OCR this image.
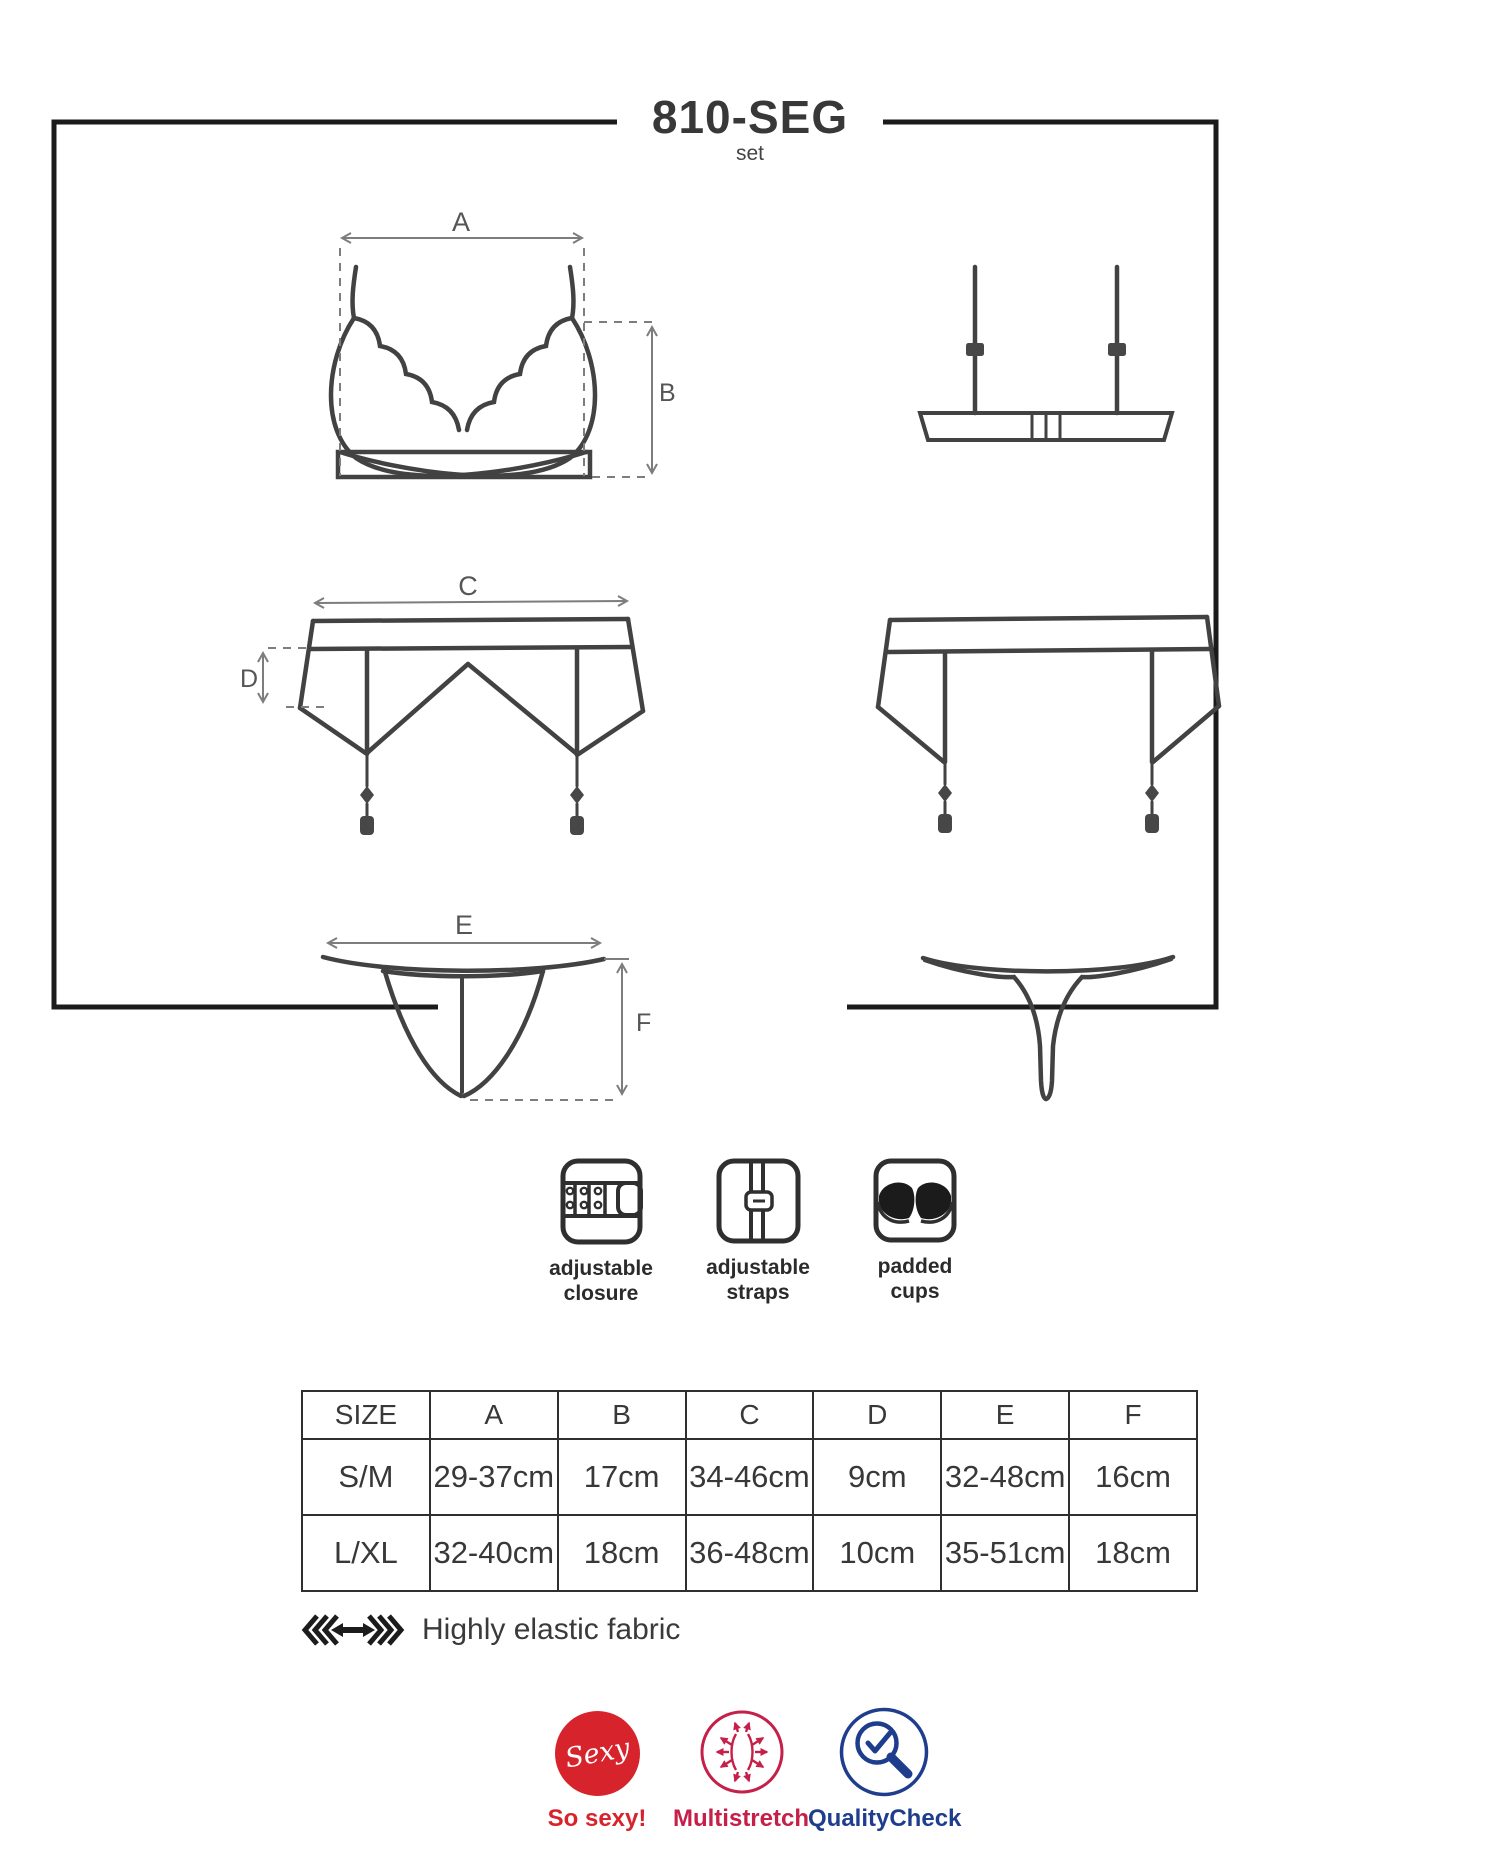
810-SEG
set
A
B
C
D
E
F
adjustable
closure
adjustable
straps
padded
cups
SIZE	A	B	C	D	E	F
S/M	29-37cm	17cm	34-46cm	9cm	32-48cm	16cm
L/XL	32-40cm	18cm	36-48cm	10cm	35-51cm	18cm
Highly elastic fabric
Sexy
So sexy!	Multistretch QualityCheck
